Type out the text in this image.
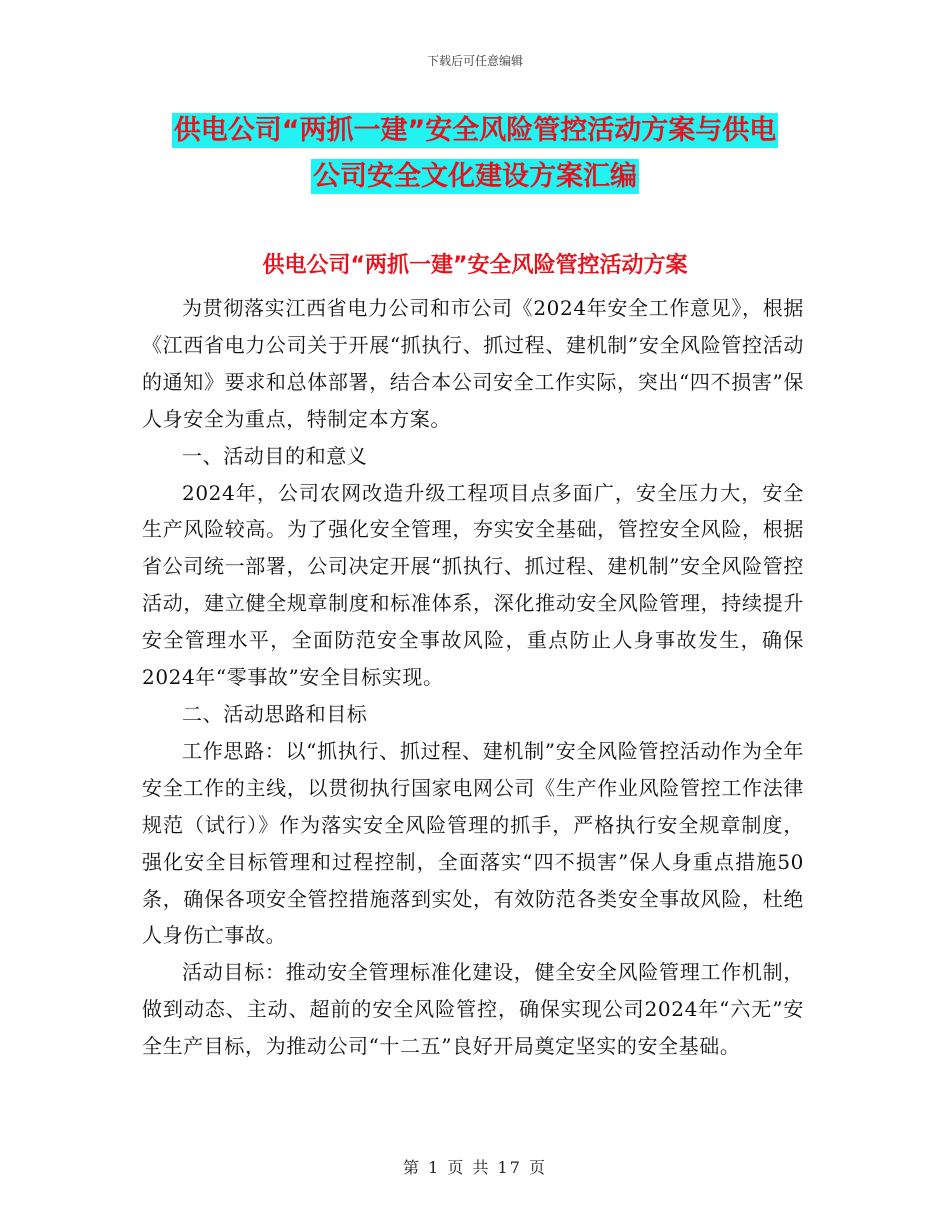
下载后可任意编辑
供电公司“两抓一建”安全风险管控活动方案与供电
公司安全文化建设方案汇编
供电公司“两抓一建”安全风险管控活动方案

为贯彻落实江西省电力公司和市公司《2024年安全工作意见》，根据《江西省电力公司关于开展“抓执行、抓过程、建机制”安全风险管控活动的通知》要求和总体部署，结合本公司安全工作实际，突出“四不损害”保人身安全为重点，特制定本方案。

一、活动目的和意义

2024年，公司农网改造升级工程项目点多面广，安全压力大，安全生产风险较高。为了强化安全管理，夯实安全基础，管控安全风险，根据省公司统一部署，公司决定开展“抓执行、抓过程、建机制”安全风险管控活动，建立健全规章制度和标准体系，深化推动安全风险管理，持续提升安全管理水平，全面防范安全事故风险，重点防止人身事故发生，确保2024年“零事故”安全目标实现。

二、活动思路和目标

工作思路：以“抓执行、抓过程、建机制”安全风险管控活动作为全年安全工作的主线，以贯彻执行国家电网公司《生产作业风险管控工作法律规范（试行）》作为落实安全风险管理的抓手，严格执行安全规章制度，强化安全目标管理和过程控制，全面落实“四不损害”保人身重点措施50条，确保各项安全管控措施落到实处，有效防范各类安全事故风险，杜绝人身伤亡事故。

活动目标：推动安全管理标准化建设，健全安全风险管理工作机制，做到动态、主动、超前的安全风险管控，确保实现公司2024年“六无”安全生产目标，为推动公司“十二五”良好开局奠定坚实的安全基础。

第 1 页 共 17 页
